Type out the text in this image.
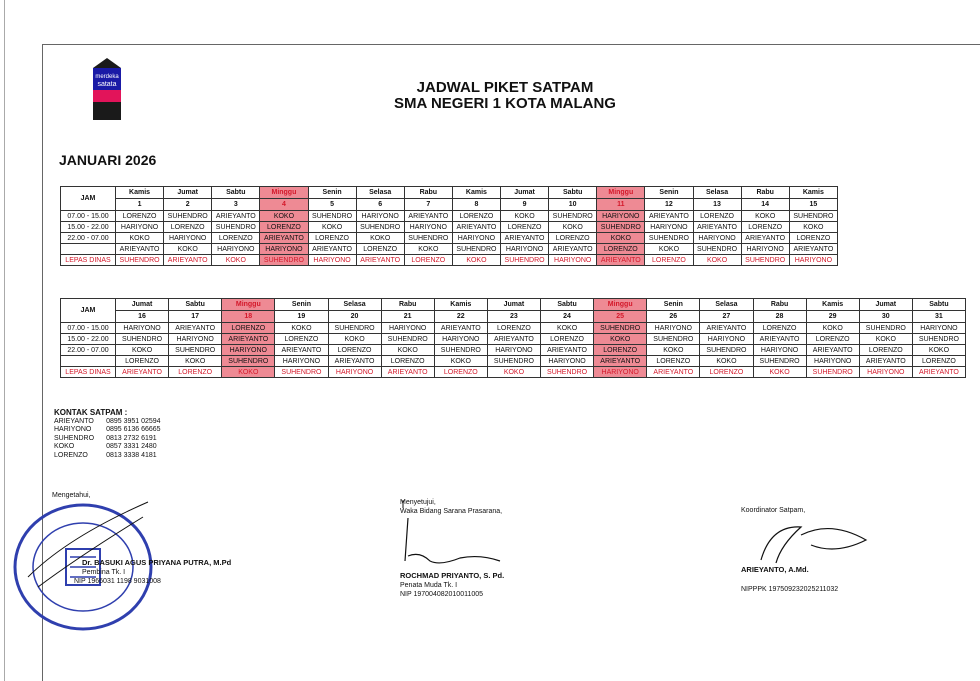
merdeka
satata	JADWAL PIKET SATPAM
SMA NEGERI 1 KOTA MALANG
JANUARI 2026
JAM	Kamis	Jumat	Sabtu	Minggu	Senin	Selasa	Rabu	Kamis	Jumat	Sabtu	Minggu	Senin	Selasa	Rabu	Kamis
	1	2	3	4	5	6	7	8	9	10	11	12	13	14	15
07.00 - 15.00	LORENZO	SUHENDRO	ARIEYANTO	KOKO	SUHENDRO	HARIYONO	ARIEYANTO	LORENZO	KOKO	SUHENDRO	HARIYONO	ARIEYANTO	LORENZO	KOKO	SUHENDRO
15.00 - 22.00	HARIYONO	LORENZO	SUHENDRO	LORENZO	KOKO	SUHENDRO	HARIYONO	ARIEYANTO	LORENZO	KOKO	SUHENDRO	HARIYONO	ARIEYANTO	LORENZO	KOKO
22.00 - 07.00	KOKO	HARIYONO	LORENZO	ARIEYANTO	LORENZO	KOKO	SUHENDRO	HARIYONO	ARIEYANTO	LORENZO	KOKO	SUHENDRO	HARIYONO	ARIEYANTO	LORENZO
	ARIEYANTO	KOKO	HARIYONO	HARIYONO	ARIEYANTO	LORENZO	KOKO	SUHENDRO	HARIYONO	ARIEYANTO	LORENZO	KOKO	SUHENDRO	HARIYONO	ARIEYANTO
LEPAS DINAS	SUHENDRO	ARIEYANTO	KOKO	SUHENDRO	HARIYONO	ARIEYANTO	LORENZO	KOKO	SUHENDRO	HARIYONO	ARIEYANTO	LORENZO	KOKO	SUHENDRO	HARIYONO
JAM	Jumat	Sabtu	Minggu	Senin	Selasa	Rabu	Kamis	Jumat	Sabtu	Minggu	Senin	Selasa	Rabu	Kamis	Jumat	Sabtu
	16	17	18	19	20	21	22	23	24	25	26	27	28	29	30	31
07.00 - 15.00	HARIYONO	ARIEYANTO	LORENZO	KOKO	SUHENDRO	HARIYONO	ARIEYANTO	LORENZO	KOKO	SUHENDRO	HARIYONO	ARIEYANTO	LORENZO	KOKO	SUHENDRO	HARIYONO
15.00 - 22.00	SUHENDRO	HARIYONO	ARIEYANTO	LORENZO	KOKO	SUHENDRO	HARIYONO	ARIEYANTO	LORENZO	KOKO	SUHENDRO	HARIYONO	ARIEYANTO	LORENZO	KOKO	SUHENDRO
22.00 - 07.00	KOKO	SUHENDRO	HARIYONO	ARIEYANTO	LORENZO	KOKO	SUHENDRO	HARIYONO	ARIEYANTO	LORENZO	KOKO	SUHENDRO	HARIYONO	ARIEYANTO	LORENZO	KOKO
	LORENZO	KOKO	SUHENDRO	HARIYONO	ARIEYANTO	LORENZO	KOKO	SUHENDRO	HARIYONO	ARIEYANTO	LORENZO	KOKO	SUHENDRO	HARIYONO	ARIEYANTO	LORENZO
LEPAS DINAS	ARIEYANTO	LORENZO	KOKO	SUHENDRO	HARIYONO	ARIEYANTO	LORENZO	KOKO	SUHENDRO	HARIYONO	ARIEYANTO	LORENZO	KOKO	SUHENDRO	HARIYONO	ARIEYANTO
KONTAK SATPAM :
ARIEYANTO	0895 3951 02594
HARIYONO	0895 6136 66665
SUHENDRO	0813 2732 6191
KOKO	0857 3331 2480
LORENZO	0813 3338 4181
Mengetahui,
Dr. BASUKI AGUS PRIYANA PUTRA, M.Pd
Pembina Tk. I
NIP 1966031 1198 9031008
Menyetujui,
Waka Bidang Sarana Prasarana,
ROCHMAD PRIYANTO, S. Pd.
Penata Muda Tk. I
NIP 197004082010011005
Koordinator Satpam,
ARIEYANTO, A.Md.
NIPPPK 197509232025211032
